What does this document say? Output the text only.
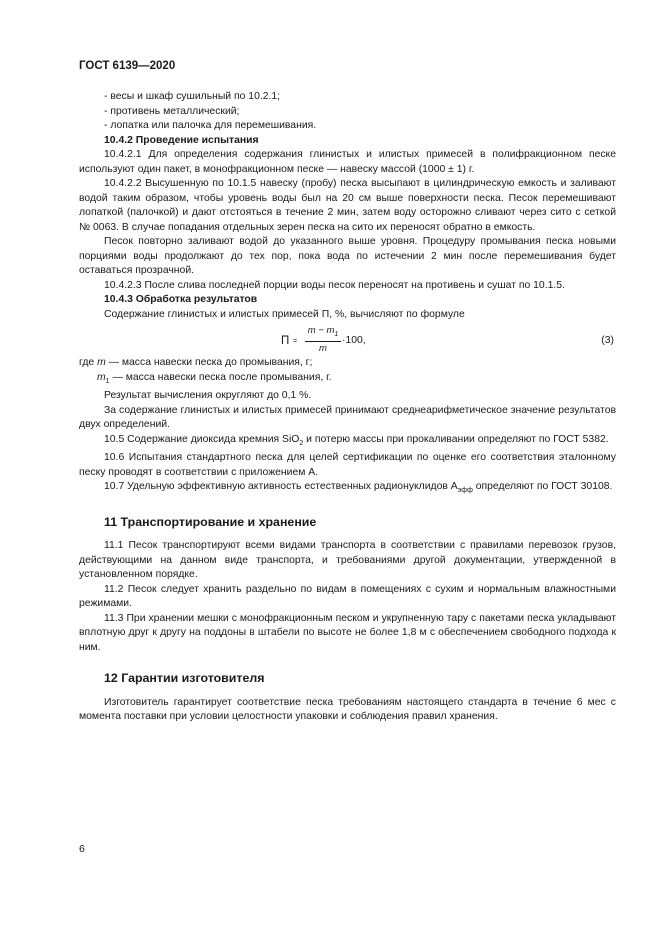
ГОСТ 6139—2020

- весы и шкаф сушильный по 10.2.1;

- противень металлический;

- лопатка или палочка для перемешивания.

10.4.2 Проведение испытания

10.4.2.1 Для определения содержания глинистых и илистых примесей в полифракционном песке используют один пакет, в монофракционном песке — навеску массой (1000 ± 1) г.

10.4.2.2 Высушенную по 10.1.5 навеску (пробу) песка высыпают в цилиндрическую емкость и заливают водой таким образом, чтобы уровень воды был на 20 см выше поверхности песка. Песок перемешивают лопаткой (палочкой) и дают отстояться в течение 2 мин, затем воду осторожно сливают через сито с сеткой № 0063. В случае попадания отдельных зерен песка на сито их переносят обратно в емкость.

Песок повторно заливают водой до указанного выше уровня. Процедуру промывания песка новыми порциями воды продолжают до тех пор, пока вода по истечении 2 мин после перемешивания будет оставаться прозрачной.

10.4.2.3 После слива последней порции воды песок переносят на противень и сушат по 10.1.5.

10.4.3 Обработка результатов

Содержание глинистых и илистых примесей П, %, вычисляют по формуле

$П = \frac{m - m_1}{m} \cdot 100$,	(3)

где m — масса навески песка до промывания, г;

$m_1$ — масса навески песка после промывания, г.

Результат вычисления округляют до 0,1 %.

За содержание глинистых и илистых примесей принимают среднеарифметическое значение результатов двух определений.

10.5 Содержание диоксида кремния SiO$_2$ и потерю массы при прокаливании определяют по ГОСТ 5382.

10.6 Испытания стандартного песка для целей сертификации по оценке его соответствия эталонному песку проводят в соответствии с приложением А.

10.7 Удельную эффективную активность естественных радионуклидов $А_{эфф}$ определяют по ГОСТ 30108.

11 Транспортирование и хранение

11.1 Песок транспортируют всеми видами транспорта в соответствии с правилами перевозок грузов, действующими на данном виде транспорта, и требованиями другой документации, утвержденной в установленном порядке.

11.2 Песок следует хранить раздельно по видам в помещениях с сухим и нормальным влажностными режимами.

11.3 При хранении мешки с монофракционным песком и укрупненную тару с пакетами песка укладывают вплотную друг к другу на поддоны в штабели по высоте не более 1,8 м с обеспечением свободного подхода к ним.

12 Гарантии изготовителя

Изготовитель гарантирует соответствие песка требованиям настоящего стандарта в течение 6 мес с момента поставки при условии целостности упаковки и соблюдения правил хранения.

6
